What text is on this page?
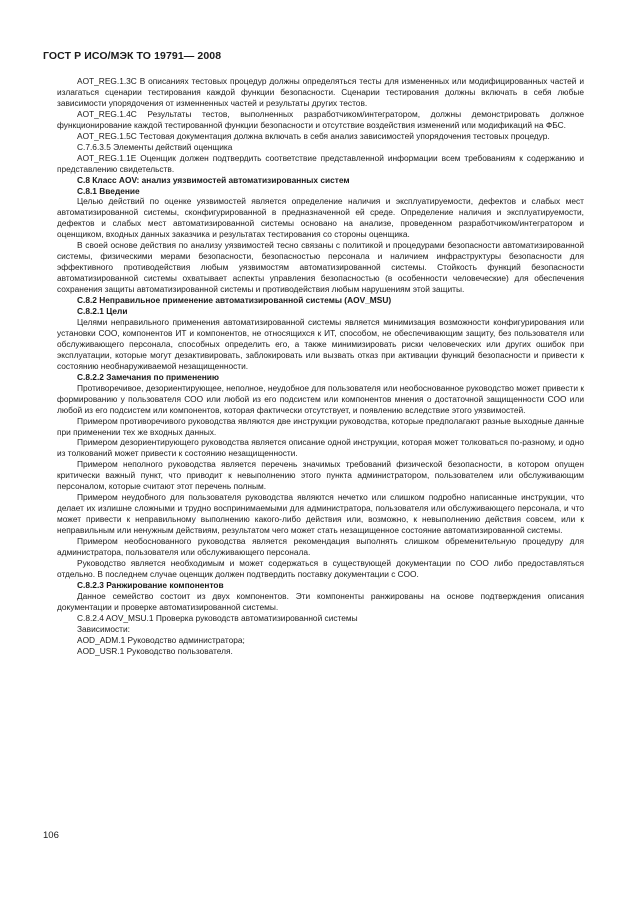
ГОСТ Р ИСО/МЭК ТО 19791— 2008

AOT_REG.1.3C В описаниях тестовых процедур должны определяться тесты для измененных или модифицированных частей и излагаться сценарии тестирования каждой функции безопасности. Сценарии тестирования должны включать в себя любые зависимости упорядочения от изменненных частей и результаты других тестов.

AOT_REG.1.4C Результаты тестов, выполненных разработчиком/интегратором, должны демонстрировать должное функционирование каждой тестированной функции безопасности и отсутствие воздействия изменений или модификаций на ФБС.

AOT_REG.1.5C Тестовая документация должна включать в себя анализ зависимостей упорядочения тестовых процедур.

C.7.6.3.5 Элементы действий оценщика

AOT_REG.1.1E Оценщик должен подтвердить соответствие представленной информации всем требованиям к содержанию и представлению свидетельств.

C.8 Класс AOV: анализ уязвимостей автоматизированных систем

C.8.1 Введение

Целью действий по оценке уязвимостей является определение наличия и эксплуатируемости, дефектов и слабых мест автоматизированной системы, сконфигурированной в предназначенной ей среде. Определение наличия и эксплуатируемости, дефектов и слабых мест автоматизированной системы основано на анализе, проведенном разработчиком/интегратором и оценщиком, входных данных заказчика и результатах тестирования со стороны оценщика.

В своей основе действия по анализу уязвимостей тесно связаны с политикой и процедурами безопасности автоматизированной системы, физическими мерами безопасности, безопасностью персонала и наличием инфраструктуры безопасности для эффективного противодействия любым уязвимостям автоматизированной системы. Стойкость функций безопасности автоматизированной системы охватывает аспекты управления безопасностью (в особенности человеческие) для обеспечения сохранения защиты автоматизированной системы и противодействия любым нарушениям этой защиты.

C.8.2 Неправильное применение автоматизированной системы (AOV_MSU)

C.8.2.1 Цели

Целями неправильного применения автоматизированной системы является минимизация возможности конфигурирования или установки СОО, компонентов ИТ и компонентов, не относящихся к ИТ, способом, не обеспечивающим защиту, без пользователя или обслуживающего персонала, способных определить его, а также минимизировать риски человеческих или других ошибок при эксплуатации, которые могут дезактивировать, заблокировать или вызвать отказ при активации функций безопасности и привести к состоянию необнаруживаемой незащищенности.

C.8.2.2 Замечания по применению

Противоречивое, дезориентирующее, неполное, неудобное для пользователя или необоснованное руководство может привести к формированию у пользователя СОО или любой из его подсистем или компонентов мнения о достаточной защищенности СОО или любой из его подсистем или компонентов, которая фактически отсутствует, и появлению вследствие этого уязвимостей.

Примером противоречивого руководства являются две инструкции руководства, которые предполагают разные выходные данные при применении тех же входных данных.

Примером дезориентирующего руководства является описание одной инструкции, которая может толковаться по-разному, и одно из толкований может привести к состоянию незащищенности.

Примером неполного руководства является перечень значимых требований физической безопасности, в котором опущен критически важный пункт, что приводит к невыполнению этого пункта администратором, пользователем или обслуживающим персоналом, которые считают этот перечень полным.

Примером неудобного для пользователя руководства являются нечетко или слишком подробно написанные инструкции, что делает их излишне сложными и трудно воспринимаемыми для администратора, пользователя или обслуживающего персонала, и что может привести к неправильному выполнению какого-либо действия или, возможно, к невыполнению действия совсем, или к неправильным или ненужным действиям, результатом чего может стать незащищенное состояние автоматизированной системы.

Примером необоснованного руководства является рекомендация выполнять слишком обременительную процедуру для администратора, пользователя или обслуживающего персонала.

Руководство является необходимым и может содержаться в существующей документации по СОО либо предоставляться отдельно. В последнем случае оценщик должен подтвердить поставку документации с СОО.

C.8.2.3 Ранжирование компонентов

Данное семейство состоит из двух компонентов. Эти компоненты ранжированы на основе подтверждения описания документации и проверке автоматизированной системы.

C.8.2.4 AOV_MSU.1 Проверка руководств автоматизированной системы

Зависимости:

AOD_ADM.1 Руководство администратора;

AOD_USR.1 Руководство пользователя.

106
